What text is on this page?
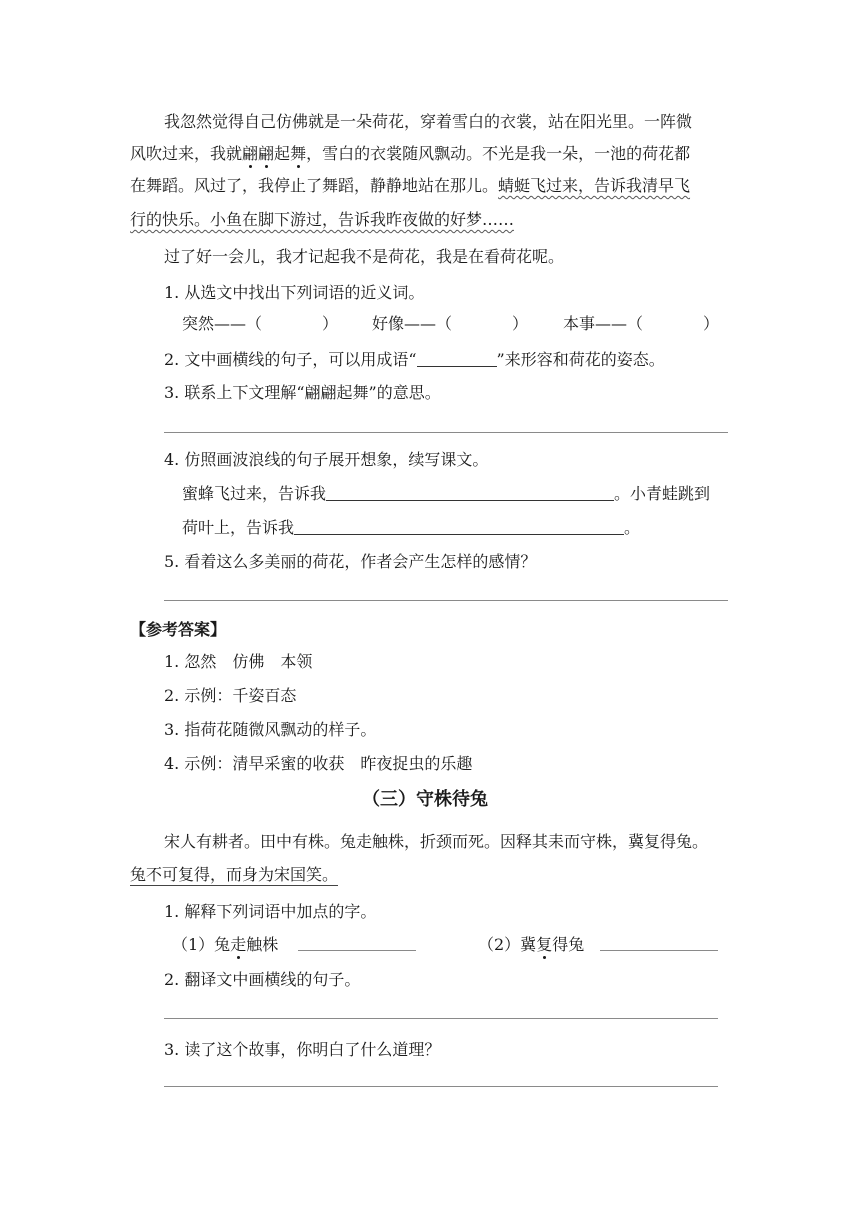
我忽然觉得自己仿佛就是一朵荷花，穿着雪白的衣裳，站在阳光里。一阵微
风吹过来，我就翩翩起舞，雪白的衣裳随风飘动。不光是我一朵，一池的荷花都
在舞蹈。风过了，我停止了舞蹈，静静地站在那儿。蜻蜓飞过来，告诉我清早飞
行的快乐。小鱼在脚下游过，告诉我昨夜做的好梦……
过了好一会儿，我才记起我不是荷花，我是在看荷花呢。
1. 从选文中找出下列词语的近义词。
突然——（	） 好像——（	） 本事——（	）
2. 文中画横线的句子，可以用成语“	”来形容和荷花的姿态。
3. 联系上下文理解“翩翩起舞”的意思。
4. 仿照画波浪线的句子展开想象，续写课文。
蜜蜂飞过来，告诉我	。小青蛙跳到
荷叶上，告诉我	。
5. 看着这么多美丽的荷花，作者会产生怎样的感情？
【参考答案】
1. 忽然　仿佛　本领
2. 示例：千姿百态
3. 指荷花随微风飘动的样子。
4. 示例：清早采蜜的收获　昨夜捉虫的乐趣
（三）守株待兔
宋人有耕者。田中有株。兔走触株，折颈而死。因释其耒而守株，冀复得兔。
兔不可复得，而身为宋国笑。
1. 解释下列词语中加点的字。
（1）兔走触株	（2）冀复得兔
2. 翻译文中画横线的句子。
3. 读了这个故事，你明白了什么道理？
